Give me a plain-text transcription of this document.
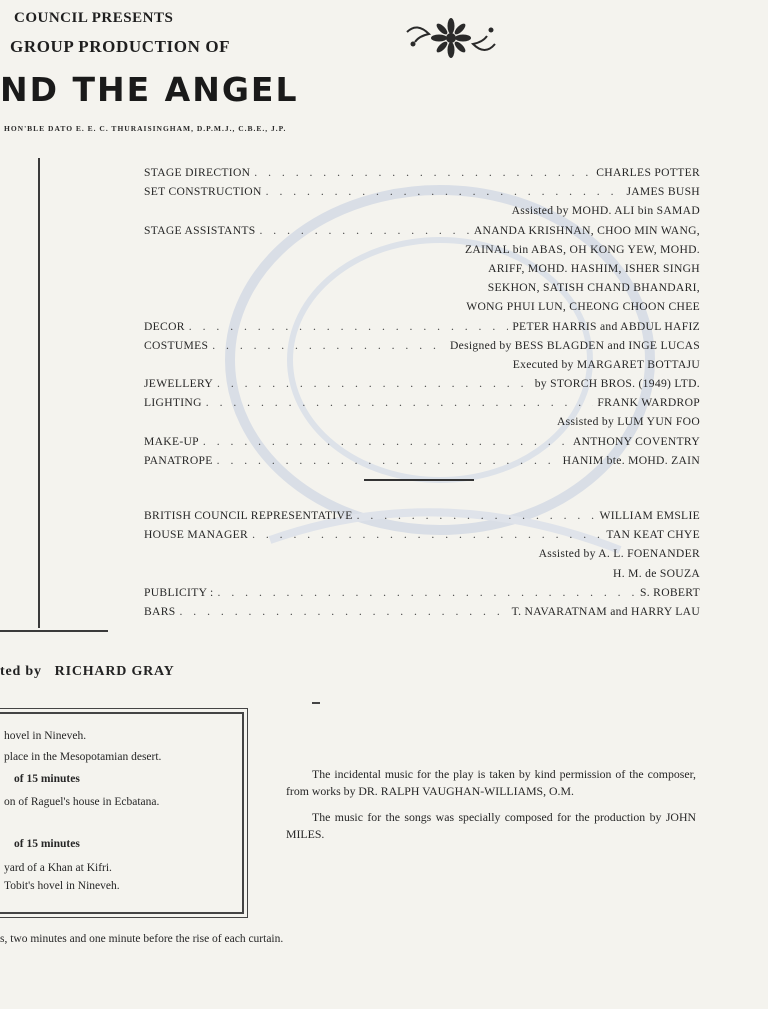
COUNCIL PRESENTS
GROUP PRODUCTION OF
ND THE ANGEL
HON'BLE DATO E. E. C. THURAISINGHAM, D.P.M.J., C.B.E., J.P.
STAGE DIRECTION . . .	CHARLES POTTER
SET CONSTRUCTION . . .	JAMES BUSH
Assisted by MOHD. ALI bin SAMAD
STAGE ASSISTANTS . . .	ANANDA KRISHNAN, CHOO MIN WANG,
ZAINAL bin ABAS, OH KONG YEW, MOHD.
ARIFF, MOHD. HASHIM, ISHER SINGH
SEKHON, SATISH CHAND BHANDARI,
WONG PHUI LUN, CHEONG CHOON CHEE
DECOR . . .	PETER HARRIS and ABDUL HAFIZ
COSTUMES . . .	Designed by BESS BLAGDEN and INGE LUCAS
Executed by MARGARET BOTTAJU
JEWELLERY . . .	by STORCH BROS. (1949) LTD.
LIGHTING . . .	FRANK WARDROP
Assisted by LUM YUN FOO
MAKE-UP . . .	ANTHONY COVENTRY
PANATROPE . . .	HANIM bte. MOHD. ZAIN
BRITISH COUNCIL REPRESENTATIVE . . .	WILLIAM EMSLIE
HOUSE MANAGER . . .	TAN KEAT CHYE
Assisted by A. L. FOENANDER
H. M. de SOUZA
PUBLICITY : . . .	S. ROBERT
BARS . . .	T. NAVARATNAM and HARRY LAU
ted by RICHARD GRAY
hovel in Nineveh.
place in the Mesopotamian desert.
of 15 minutes
on of Raguel's house in Ecbatana.
of 15 minutes
yard of a Khan at Kifri.
Tobit's hovel in Nineveh.

The incidental music for the play is taken by kind permission of the composer, from works by DR. RALPH VAUGHAN-WILLIAMS, O.M.

The music for the songs was specially composed for the production by JOHN MILES.

s, two minutes and one minute before the rise of each curtain.
